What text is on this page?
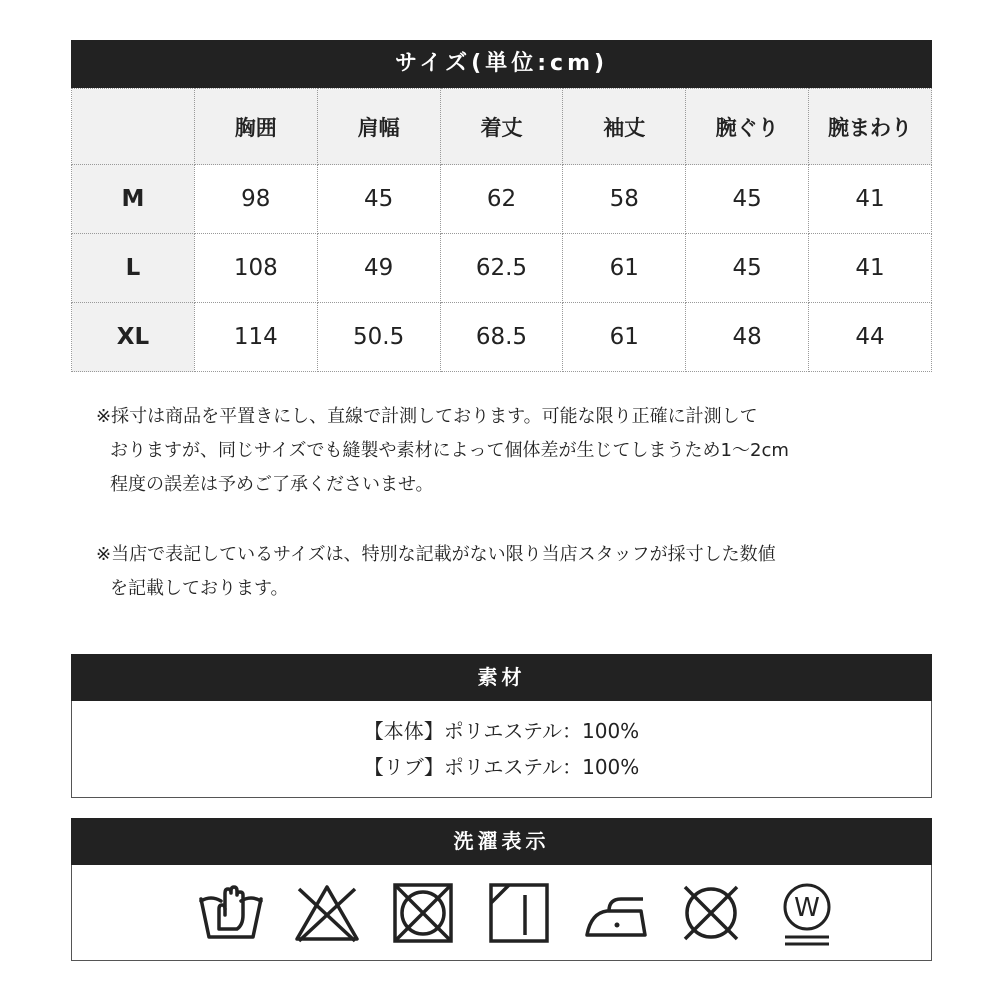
サイズ(単位:cm)
	胸囲	肩幅	着丈	袖丈	腕ぐり	腕まわり
M	98	45	62	58	45	41
L	108	49	62.5	61	45	41
XL	114	50.5	68.5	61	48	44
※採寸は商品を平置きにし、直線で計測しております。可能な限り正確に計測して
おりますが、同じサイズでも縫製や素材によって個体差が生じてしまうため1～2cm
程度の誤差は予めご了承くださいませ。
※当店で表記しているサイズは、特別な記載がない限り当店スタッフが採寸した数値
を記載しております。
素材
【本体】ポリエステル：100%
【リブ】ポリエステル：100%
洗濯表示
W
